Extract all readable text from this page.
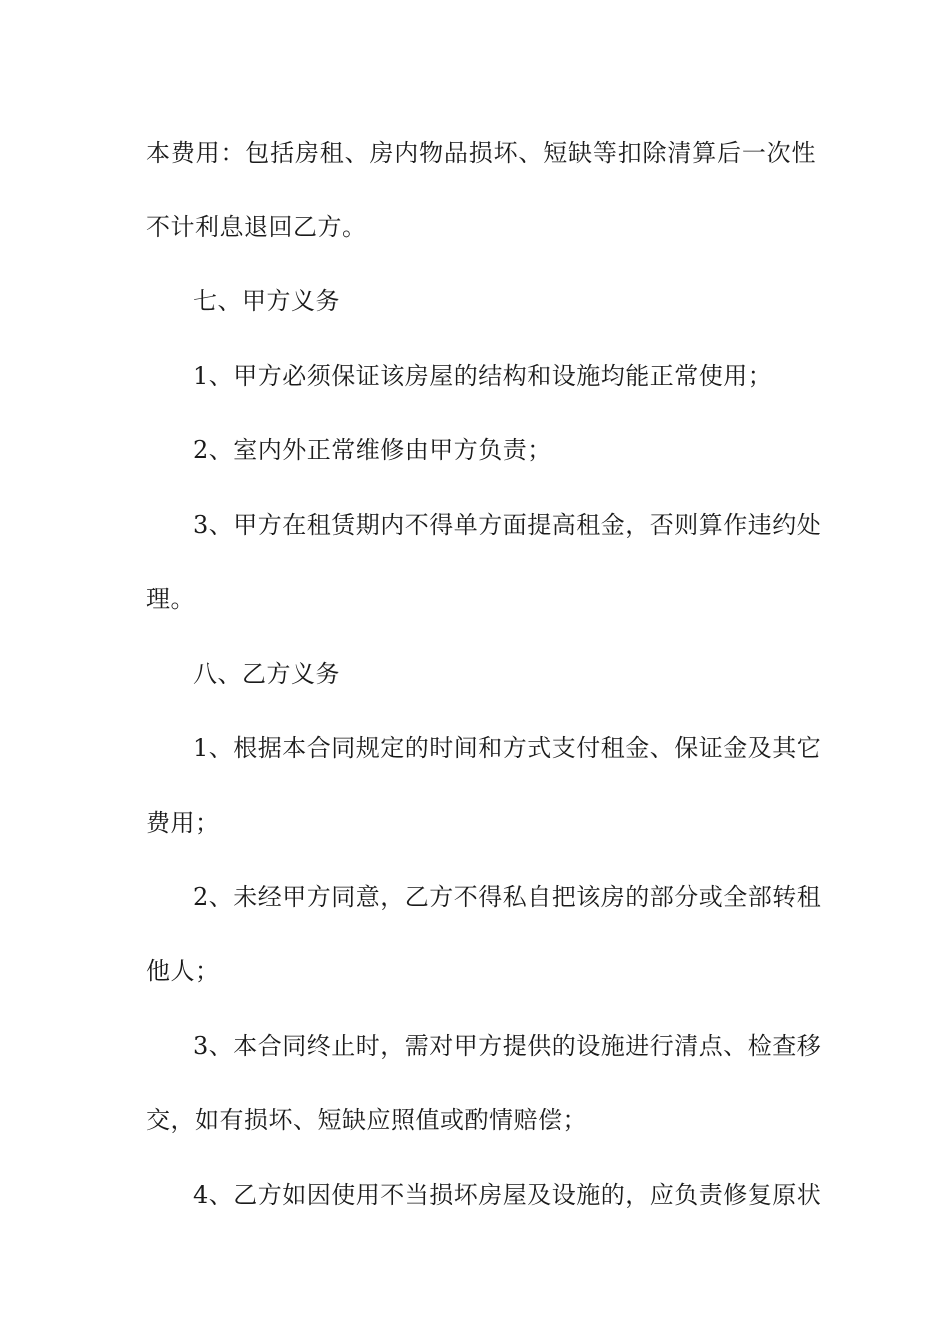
本费用：包括房租、房内物品损坏、短缺等扣除清算后一次性
不计利息退回乙方。
七、甲方义务
1、甲方必须保证该房屋的结构和设施均能正常使用；
2、室内外正常维修由甲方负责；
3、甲方在租赁期内不得单方面提高租金，否则算作违约处
理。
八、乙方义务
1、根据本合同规定的时间和方式支付租金、保证金及其它
费用；
2、未经甲方同意，乙方不得私自把该房的部分或全部转租
他人；
3、本合同终止时，需对甲方提供的设施进行清点、检查移
交，如有损坏、短缺应照值或酌情赔偿；
4、乙方如因使用不当损坏房屋及设施的，应负责修复原状
